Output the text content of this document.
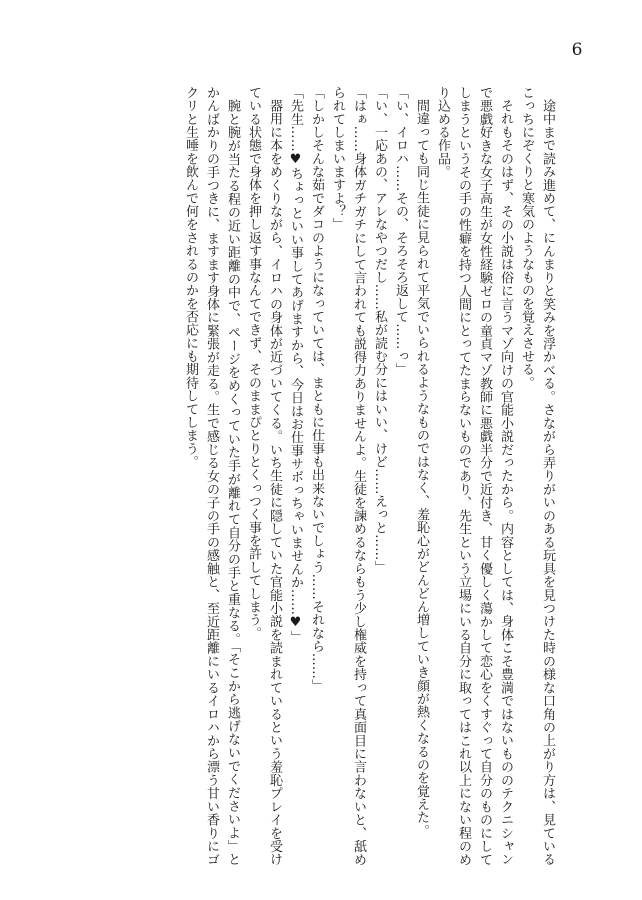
6

途中まで読み進めて、にんまりと笑みを浮かべる。さながら弄りがいのある玩具を見つけた時の様な口角の上がり方は、見ているこっちにぞくりと寒気のようなものを覚えさせる。

それもそのはず、その小説は俗に言うマゾ向けの官能小説だったから。内容としては、身体こそ豊満ではないもののテクニシャンで悪戯好きな女子高生が女性経験ゼロの童貞マゾ教師に悪戯半分で近付き、甘く優しく蕩かして恋心をくすぐって自分のものにしてしまうというその手の性癖を持つ人間にとってたまらないものであり、先生という立場にいる自分に取ってはこれ以上にない程のめり込める作品。

間違っても同じ生徒に見られて平気でいられるようなものではなく、羞恥心がどんどん増していき顔が熱くなるのを覚えた。

「い、イロハ……その、そろそろ返して……っ」

「い、一応あの、アレなやつだし……私が読む分にはいい、けど……えっと……」

「はぁ……身体ガチガチにして言われても説得力ありませんよ。生徒を諫めるならもう少し権威を持って真面目に言わないと、舐められてしまいますよ？」

「しかしそんな茹でダコのようになっていては、まともに仕事も出来ないでしょう……それなら……」

「先生……♥ちょっといい事してあげますから、今日はお仕事サボっちゃいませんか……♥」

器用に本をめくりながら、イロハの身体が近づいてくる。いち生徒に隠していた官能小説を読まれているという羞恥プレイを受けている状態で身体を押し返す事なんてできず、そのままぴとりとくっつく事を許してしまう。

腕と腕が当たる程の近い距離の中で、ページをめくっていた手が離れて自分の手と重なる。「そこから逃げないでくださいよ」とかんばかりの手つきに、ますます身体に緊張が走る。生で感じる女の子の手の感触と、至近距離にいるイロハから漂う甘い香りにゴクリと生唾を飲んで何をされるのかを否応にも期待してしまう。
